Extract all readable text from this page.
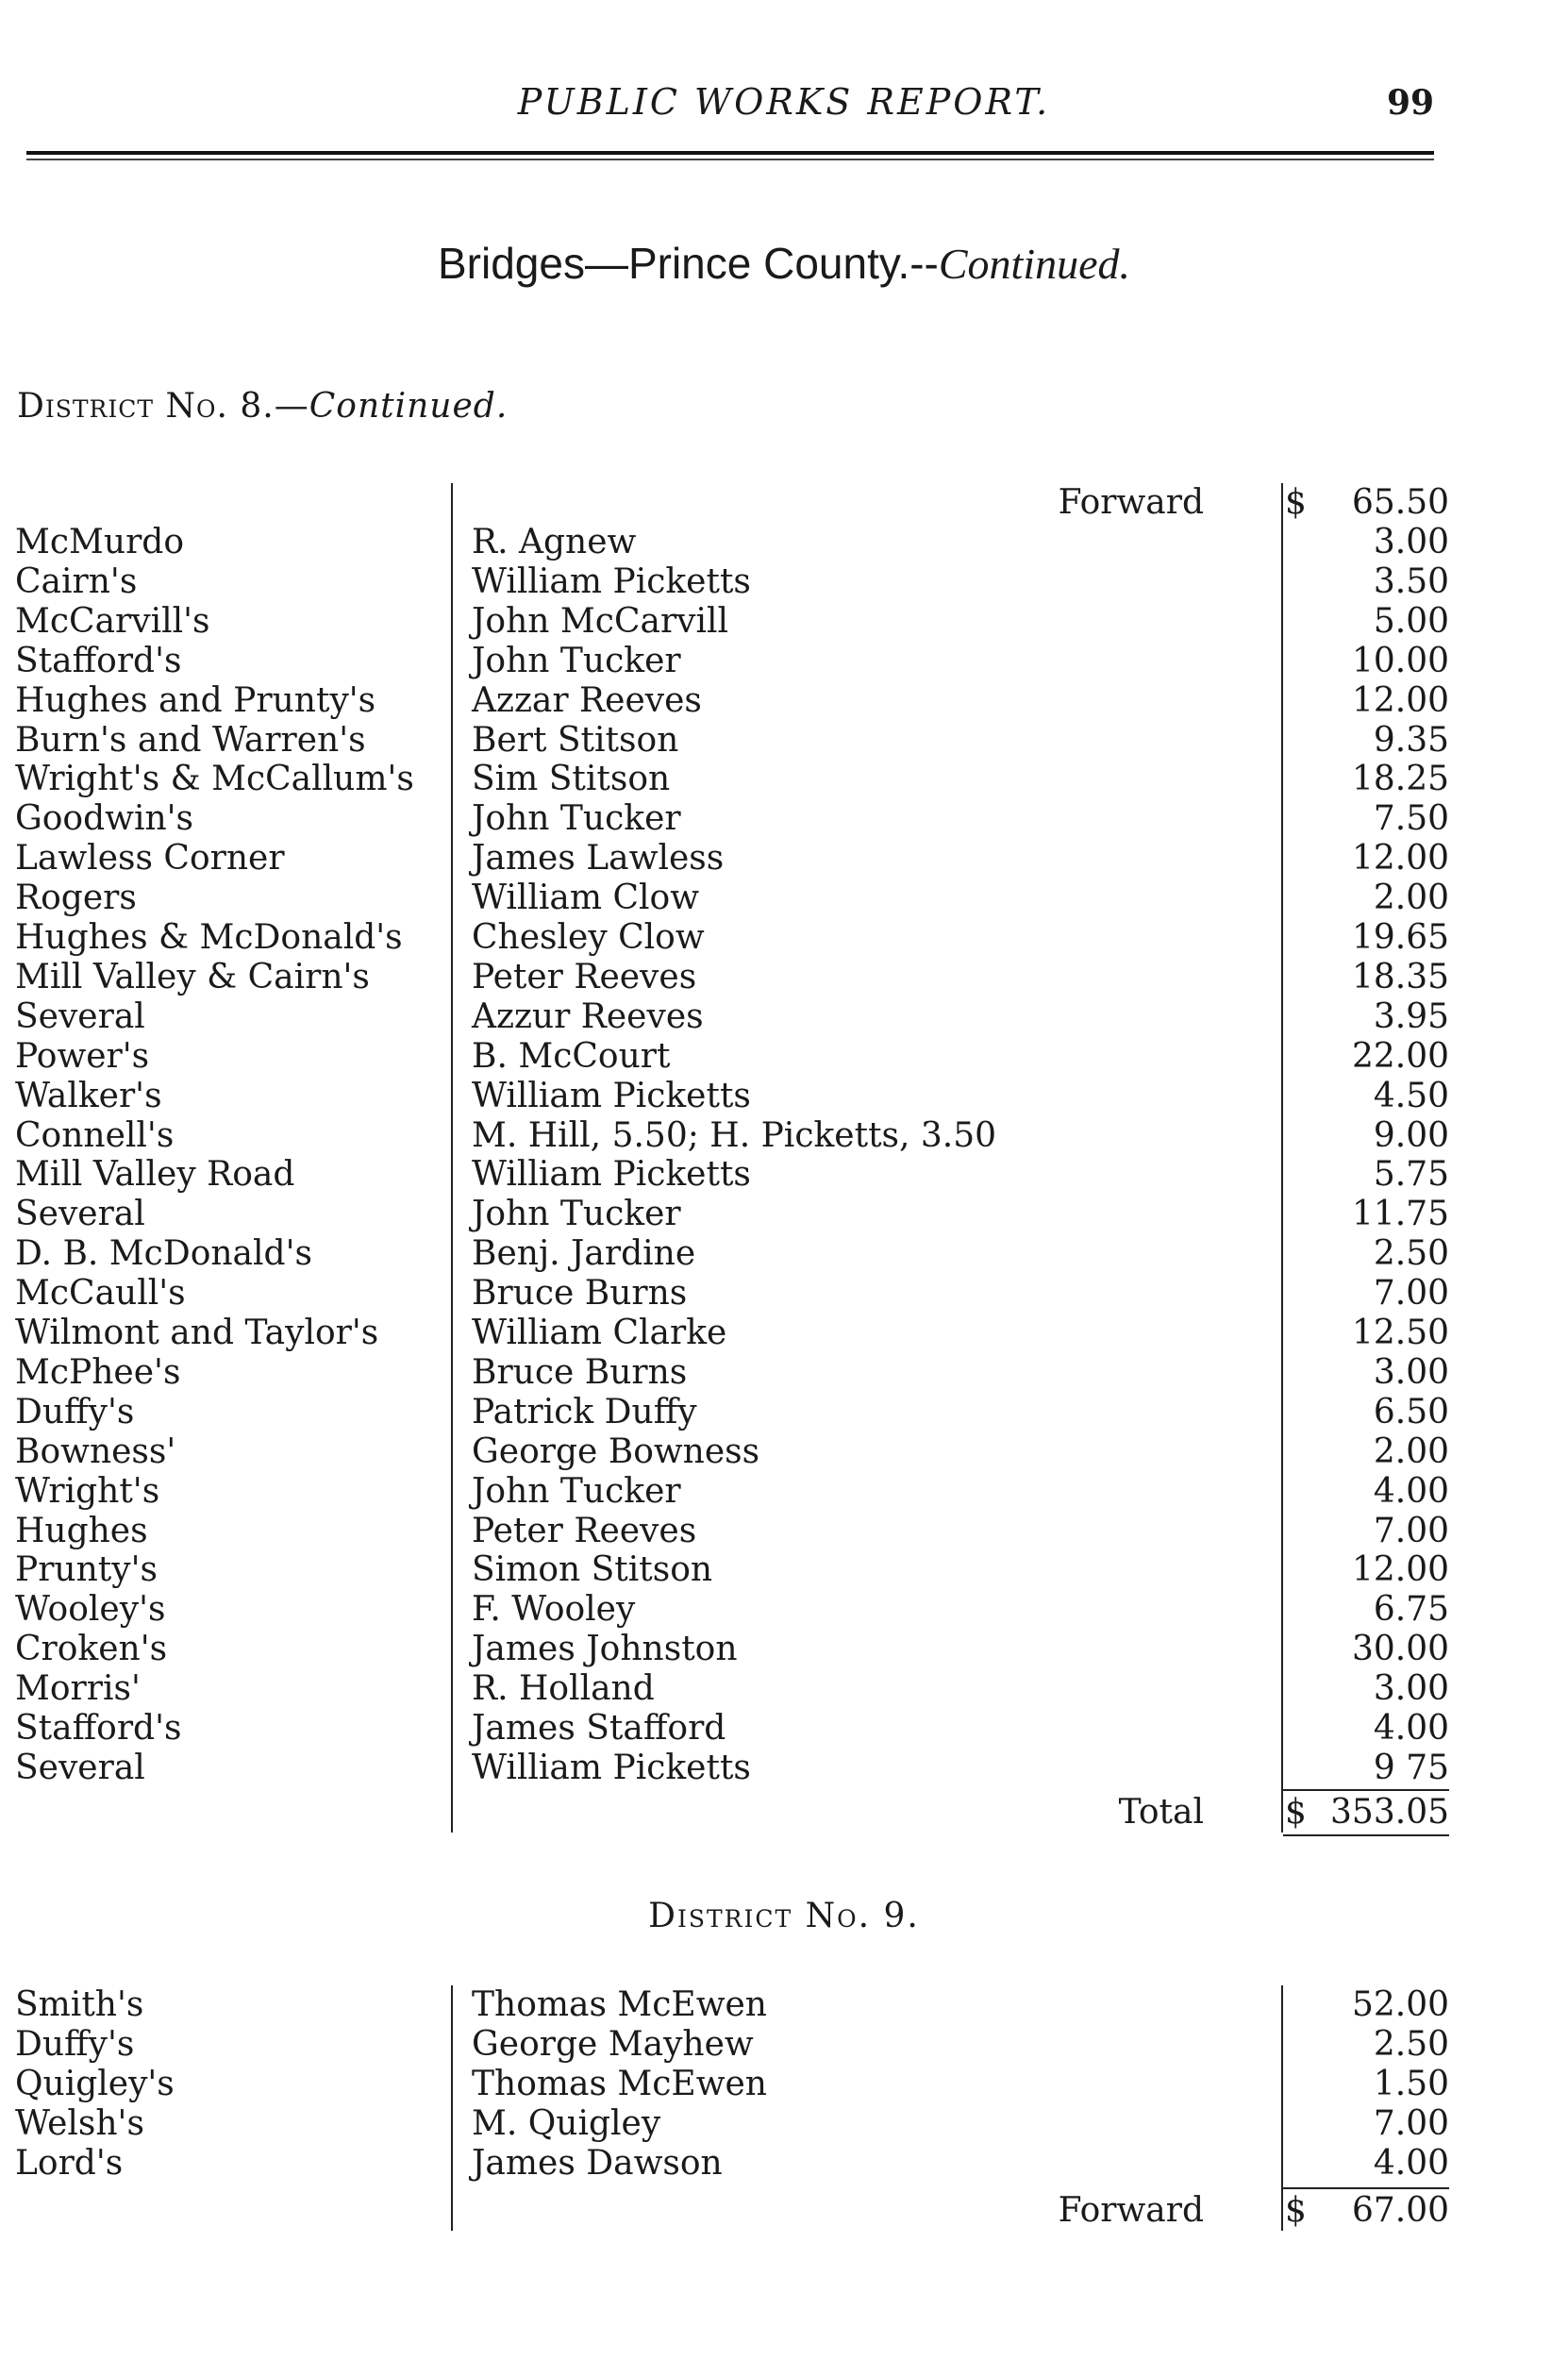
PUBLIC WORKS REPORT.	99
Bridges—Prince County.--Continued.
District No. 8.—Continued.
Forward $	65.50
McMurdo	R. Agnew	3.00
Cairn's	William Picketts	3.50
McCarvill's	John McCarvill	5.00
Stafford's	John Tucker	10.00
Hughes and Prunty's	Azzar Reeves	12.00
Burn's and Warren's	Bert Stitson	9.35
Wright's & McCallum's Sim Stitson	18.25
Goodwin's	John Tucker	7.50
Lawless Corner	James Lawless	12.00
Rogers	William Clow	2.00
Hughes & McDonald's Chesley Clow	19.65
Mill Valley & Cairn's	Peter Reeves	18.35
Several	Azzur Reeves	3.95
Power's	B. McCourt	22.00
Walker's	William Picketts	4.50
Connell's	M. Hill, 5.50; H. Picketts, 3.50	9.00
Mill Valley Road	William Picketts	5.75
Several	John Tucker	11.75
D. B. McDonald's	Benj. Jardine	2.50
McCaull's	Bruce Burns	7.00
Wilmont and Taylor's	William Clarke	12.50
McPhee's	Bruce Burns	3.00
Duffy's	Patrick Duffy	6.50
Bowness'	George Bowness	2.00
Wright's	John Tucker	4.00
Hughes	Peter Reeves	7.00
Prunty's	Simon Stitson	12.00
Wooley's	F. Wooley	6.75
Croken's	James Johnston	30.00
Morris'	R. Holland	3.00
Stafford's	James Stafford	4.00
Several	William Picketts	9 75
Total $ 353.05
District No. 9.
Smith's	Thomas McEwen	52.00
Duffy's	George Mayhew	2.50
Quigley's	Thomas McEwen	1.50
Welsh's	M. Quigley	7.00
Lord's	James Dawson	4.00
Forward $	67.00
